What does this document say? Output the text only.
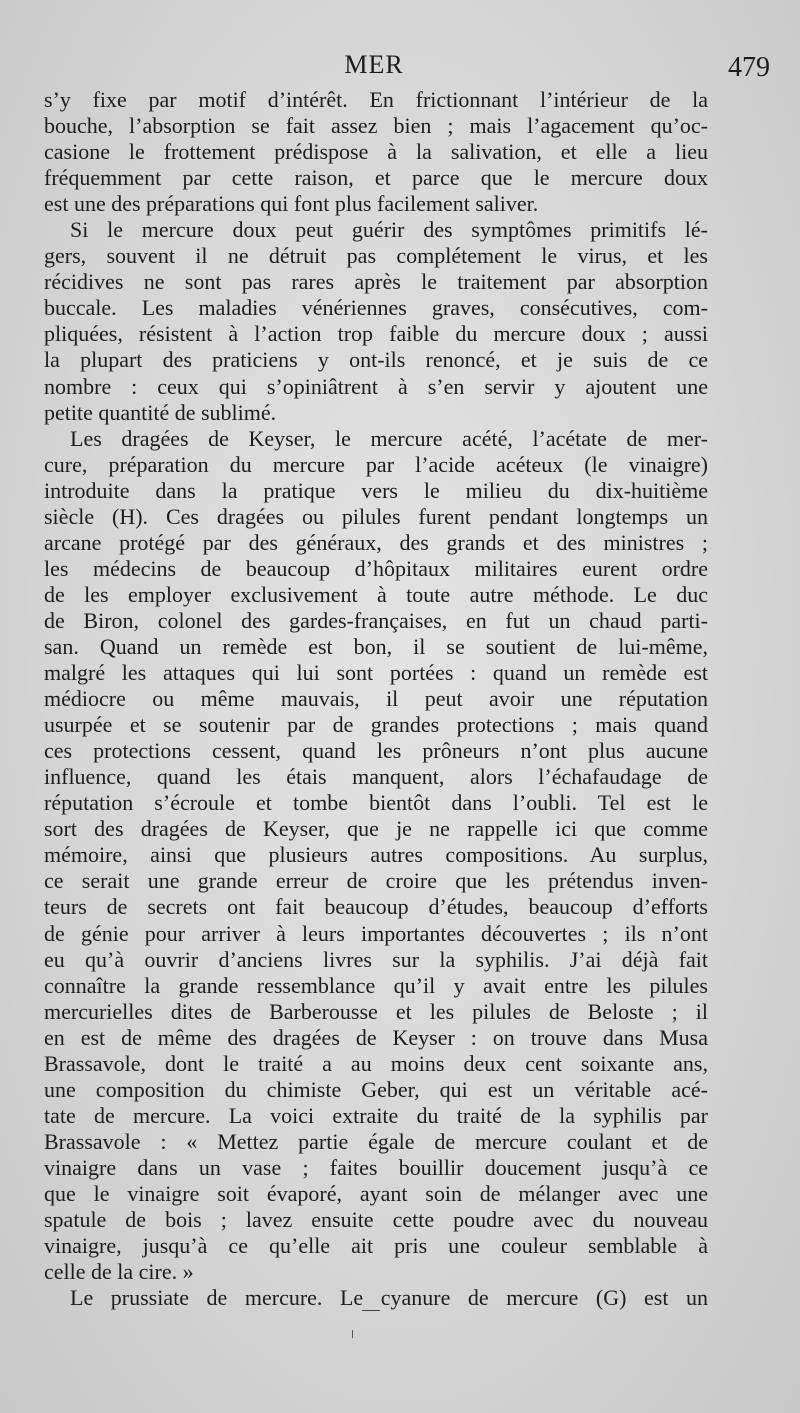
MER	479
s’y fixe par motif d’intérêt. En frictionnant l’intérieur de la
bouche, l’absorption se fait assez bien ; mais l’agacement qu’oc-
casione le frottement prédispose à la salivation, et elle a lieu
fréquemment par cette raison, et parce que le mercure doux
est une des préparations qui font plus facilement saliver.
Si le mercure doux peut guérir des symptômes primitifs lé-
gers, souvent il ne détruit pas complétement le virus, et les
récidives ne sont pas rares après le traitement par absorption
buccale. Les maladies vénériennes graves, consécutives, com-
pliquées, résistent à l’action trop faible du mercure doux ; aussi
la plupart des praticiens y ont-ils renoncé, et je suis de ce
nombre : ceux qui s’opiniâtrent à s’en servir y ajoutent une
petite quantité de sublimé.
Les dragées de Keyser, le mercure acété, l’acétate de mer-
cure, préparation du mercure par l’acide acéteux (le vinaigre)
introduite dans la pratique vers le milieu du dix-huitième
siècle (H). Ces dragées ou pilules furent pendant longtemps un
arcane protégé par des généraux, des grands et des ministres ;
les médecins de beaucoup d’hôpitaux militaires eurent ordre
de les employer exclusivement à toute autre méthode. Le duc
de Biron, colonel des gardes-françaises, en fut un chaud parti-
san. Quand un remède est bon, il se soutient de lui-même,
malgré les attaques qui lui sont portées : quand un remède est
médiocre ou même mauvais, il peut avoir une réputation
usurpée et se soutenir par de grandes protections ; mais quand
ces protections cessent, quand les prôneurs n’ont plus aucune
influence, quand les étais manquent, alors l’échafaudage de
réputation s’écroule et tombe bientôt dans l’oubli. Tel est le
sort des dragées de Keyser, que je ne rappelle ici que comme
mémoire, ainsi que plusieurs autres compositions. Au surplus,
ce serait une grande erreur de croire que les prétendus inven-
teurs de secrets ont fait beaucoup d’études, beaucoup d’efforts
de génie pour arriver à leurs importantes découvertes ; ils n’ont
eu qu’à ouvrir d’anciens livres sur la syphilis. J’ai déjà fait
connaître la grande ressemblance qu’il y avait entre les pilules
mercurielles dites de Barberousse et les pilules de Beloste ; il
en est de même des dragées de Keyser : on trouve dans Musa
Brassavole, dont le traité a au moins deux cent soixante ans,
une composition du chimiste Geber, qui est un véritable acé-
tate de mercure. La voici extraite du traité de la syphilis par
Brassavole : « Mettez partie égale de mercure coulant et de
vinaigre dans un vase ; faites bouillir doucement jusqu’à ce
que le vinaigre soit évaporé, ayant soin de mélanger avec une
spatule de bois ; lavez ensuite cette poudre avec du nouveau
vinaigre, jusqu’à ce qu’elle ait pris une couleur semblable à
celle de la cire. »
Le prussiate de mercure. Le cyanure de mercure (G) est un
